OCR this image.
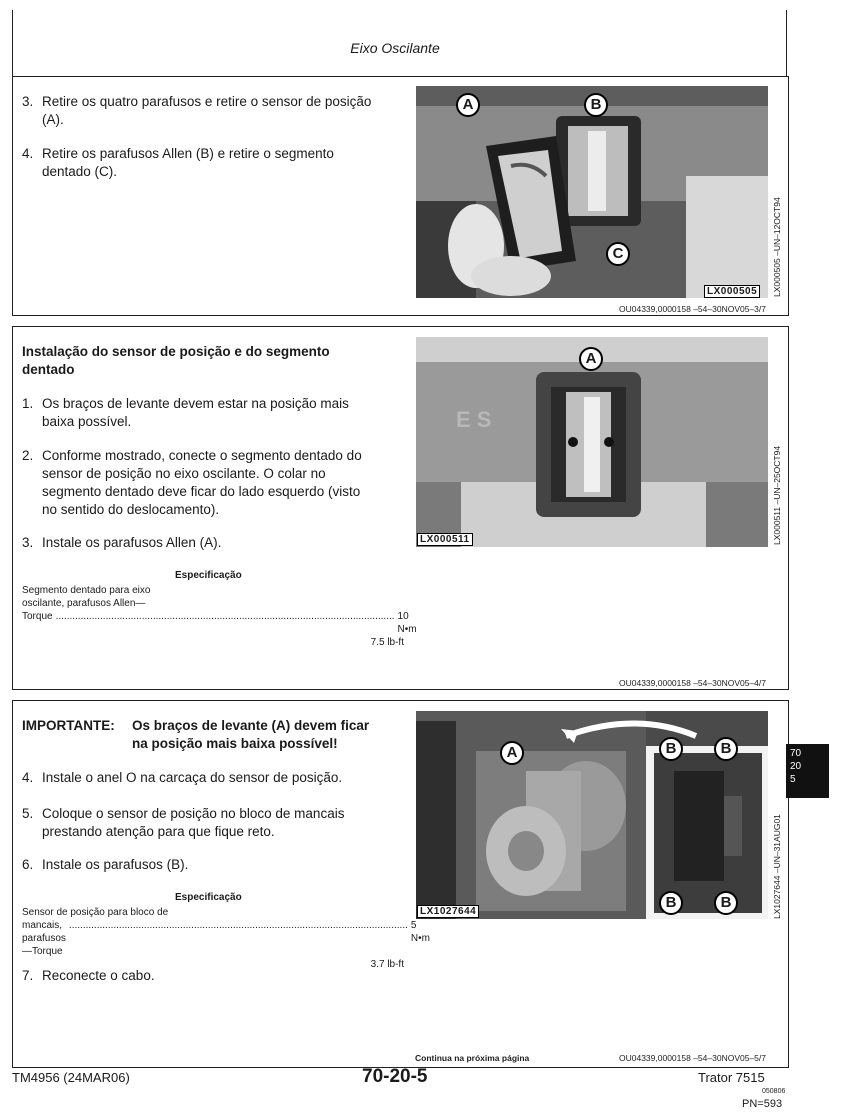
Eixo Oscilante
3. Retire os quatro parafusos e retire o sensor de posição
(A).
4. Retire os parafusos Allen (B) e retire o segmento
dentado (C).
A	B
C
LX000505	LX000505 –UN–12OCT94
OU04339,0000158 –54–30NOV05–3/7
Instalação do sensor de posição e do segmento
dentado
1. Os braços de levante devem estar na posição mais
baixa possível.
2. Conforme mostrado, conecte o segmento dentado do
sensor de posição no eixo oscilante. O colar no
segmento dentado deve ficar do lado esquerdo (visto
no sentido do deslocamento).
3. Instale os parafusos Allen (A).
Especificação
Segmento dentado para eixo
oscilante, parafusos Allen—

Torque .......................................................................................................................... 10 N•m
7.5 lb-ft
E S
A
LX000511	LX000511 –UN–25OCT94
OU04339,0000158 –54–30NOV05–4/7
IMPORTANTE: Os braços de levante (A) devem ficar
na posição mais baixa possível!
4. Instale o anel O na carcaça do sensor de posição.
5. Coloque o sensor de posição no bloco de mancais
prestando atenção para que fique reto.
6. Instale os parafusos (B).
Especificação
Sensor de posição para bloco de

mancais, parafusos—Torque
.......................................................................................................................... 5 N•m
3.7 lb-ft
7. Reconecte o cabo.
A	B	B
B	B
LX1027644	LX1027644 –UN–31AUG01
Continua na próxima página	OU04339,0000158 –54–30NOV05–5/7
70
20
5
TM4956 (24MAR06)	70-20-5	Trator 7515
050806
PN=593
